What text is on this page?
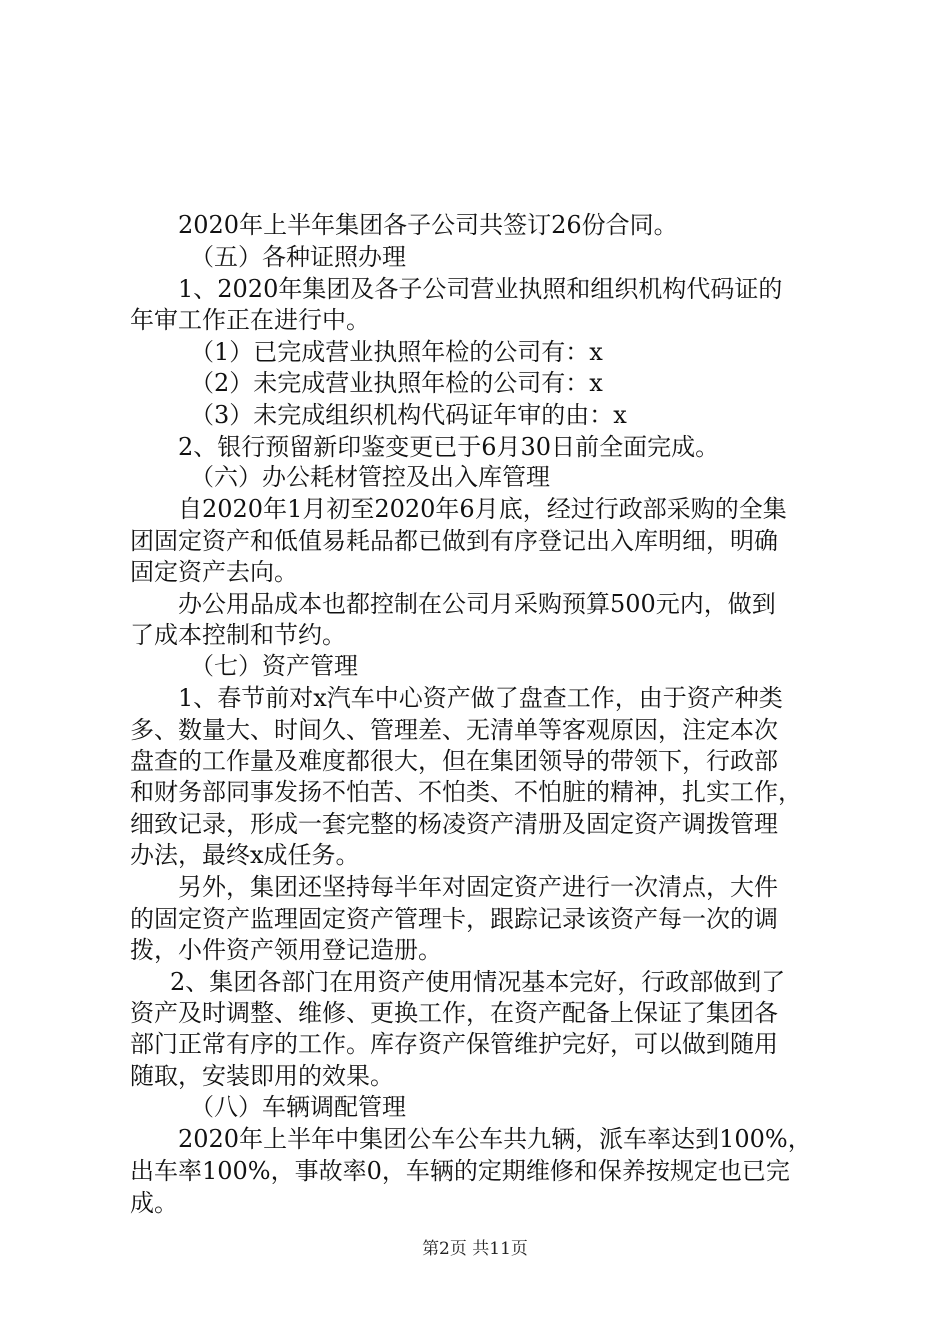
2020年上半年集团各子公司共签订26份合同。
（五）各种证照办理
1、2020年集团及各子公司营业执照和组织机构代码证的
年审工作正在进行中。
（1）已完成营业执照年检的公司有：x
（2）未完成营业执照年检的公司有：x
（3）未完成组织机构代码证年审的由：x
2、银行预留新印鉴变更已于6月30日前全面完成。
（六）办公耗材管控及出入库管理
自2020年1月初至2020年6月底，经过行政部采购的全集
团固定资产和低值易耗品都已做到有序登记出入库明细，明确
固定资产去向。
办公用品成本也都控制在公司月采购预算500元内，做到
了成本控制和节约。
（七）资产管理
1、春节前对x汽车中心资产做了盘查工作，由于资产种类
多、数量大、时间久、管理差、无清单等客观原因，注定本次
盘查的工作量及难度都很大，但在集团领导的带领下，行政部
和财务部同事发扬不怕苦、不怕类、不怕脏的精神，扎实工作，
细致记录，形成一套完整的杨凌资产清册及固定资产调拨管理
办法，最终x成任务。
另外，集团还坚持每半年对固定资产进行一次清点，大件
的固定资产监理固定资产管理卡，跟踪记录该资产每一次的调
拨，小件资产领用登记造册。
2、集团各部门在用资产使用情况基本完好，行政部做到了
资产及时调整、维修、更换工作，在资产配备上保证了集团各
部门正常有序的工作。库存资产保管维护完好，可以做到随用
随取，安装即用的效果。
（八）车辆调配管理
2020年上半年中集团公车公车共九辆，派车率达到100%，
出车率100%，事故率0，车辆的定期维修和保养按规定也已完
成。
第2页 共11页
